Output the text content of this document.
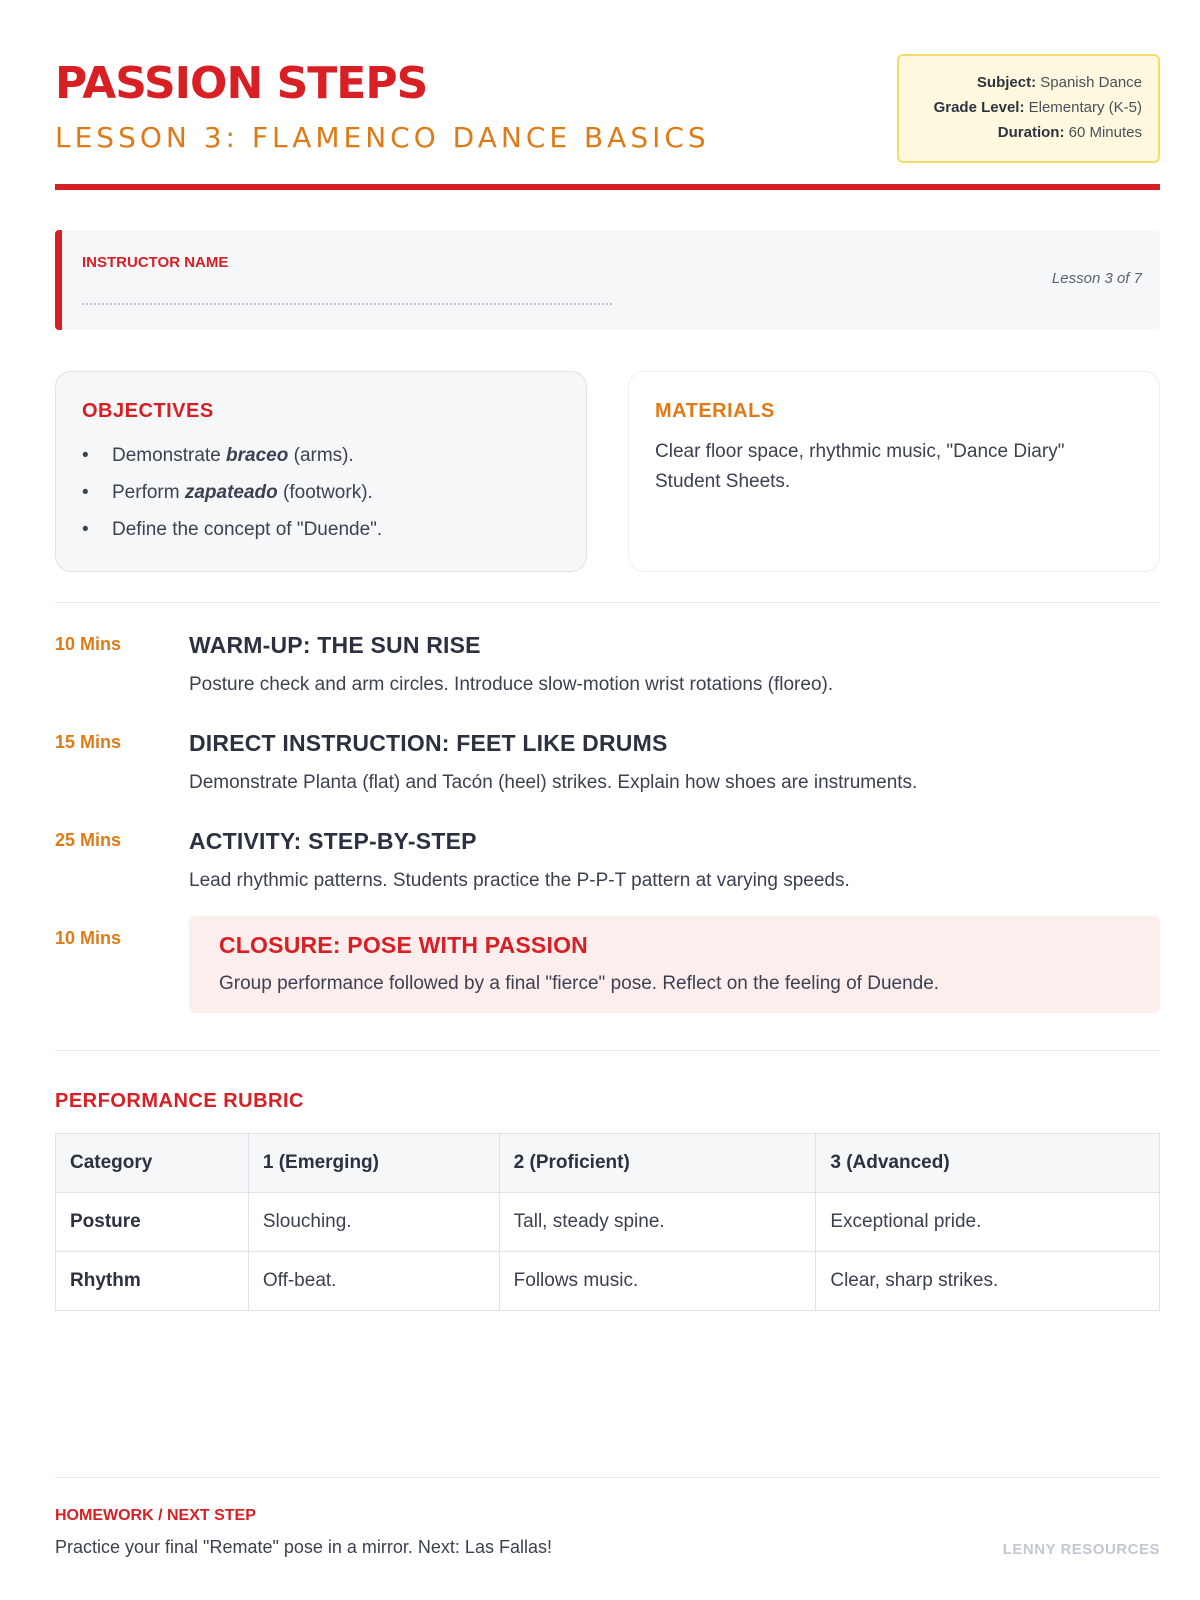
PASSION STEPS
LESSON 3: FLAMENCO DANCE BASICS
Subject: Spanish Dance
Grade Level: Elementary (K-5)
Duration: 60 Minutes
INSTRUCTOR NAME
Lesson 3 of 7
OBJECTIVES
• Demonstrate braceo (arms).
• Perform zapateado (footwork).
• Define the concept of "Duende".
MATERIALS

Clear floor space, rhythmic music, "Dance Diary" Student Sheets.

10 Mins	WARM-UP: THE SUN RISE
Posture check and arm circles. Introduce slow-motion wrist rotations (floreo).
15 Mins	DIRECT INSTRUCTION: FEET LIKE DRUMS
Demonstrate Planta (flat) and Tacón (heel) strikes. Explain how shoes are instruments.
25 Mins	ACTIVITY: STEP-BY-STEP
Lead rhythmic patterns. Students practice the P-P-T pattern at varying speeds.
10 Mins	CLOSURE: POSE WITH PASSION
Group performance followed by a final "fierce" pose. Reflect on the feeling of Duende.
PERFORMANCE RUBRIC
Category	1 (Emerging)	2 (Proficient)	3 (Advanced)
Posture	Slouching.	Tall, steady spine.	Exceptional pride.
Rhythm	Off-beat.	Follows music.	Clear, sharp strikes.
HOMEWORK / NEXT STEP
Practice your final "Remate" pose in a mirror. Next: Las Fallas!	LENNY RESOURCES
